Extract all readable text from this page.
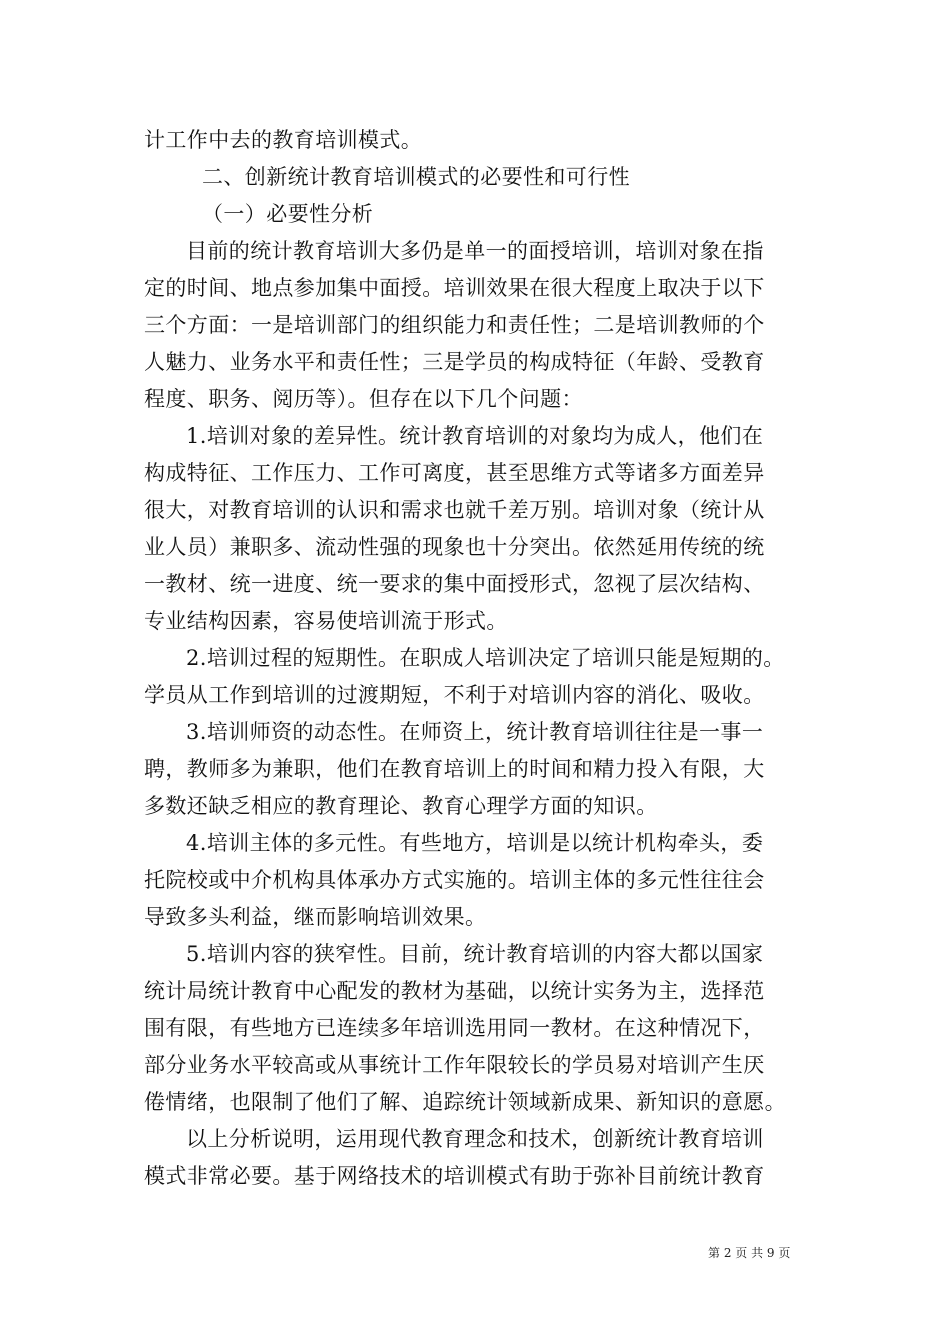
计工作中去的教育培训模式。
二、创新统计教育培训模式的必要性和可行性
（一）必要性分析
目前的统计教育培训大多仍是单一的面授培训，培训对象在指
定的时间、地点参加集中面授。培训效果在很大程度上取决于以下
三个方面：一是培训部门的组织能力和责任性；二是培训教师的个
人魅力、业务水平和责任性；三是学员的构成特征（年龄、受教育
程度、职务、阅历等）。但存在以下几个问题：
1.培训对象的差异性。统计教育培训的对象均为成人，他们在
构成特征、工作压力、工作可离度，甚至思维方式等诸多方面差异
很大，对教育培训的认识和需求也就千差万别。培训对象（统计从
业人员）兼职多、流动性强的现象也十分突出。依然延用传统的统
一教材、统一进度、统一要求的集中面授形式，忽视了层次结构、
专业结构因素，容易使培训流于形式。
2.培训过程的短期性。在职成人培训决定了培训只能是短期的。
学员从工作到培训的过渡期短，不利于对培训内容的消化、吸收。
3.培训师资的动态性。在师资上，统计教育培训往往是一事一
聘，教师多为兼职，他们在教育培训上的时间和精力投入有限，大
多数还缺乏相应的教育理论、教育心理学方面的知识。
4.培训主体的多元性。有些地方，培训是以统计机构牵头，委
托院校或中介机构具体承办方式实施的。培训主体的多元性往往会
导致多头利益，继而影响培训效果。
5.培训内容的狭窄性。目前，统计教育培训的内容大都以国家
统计局统计教育中心配发的教材为基础，以统计实务为主，选择范
围有限，有些地方已连续多年培训选用同一教材。在这种情况下，
部分业务水平较高或从事统计工作年限较长的学员易对培训产生厌
倦情绪，也限制了他们了解、追踪统计领域新成果、新知识的意愿。
以上分析说明，运用现代教育理念和技术，创新统计教育培训
模式非常必要。基于网络技术的培训模式有助于弥补目前统计教育
第 2 页 共 9 页
